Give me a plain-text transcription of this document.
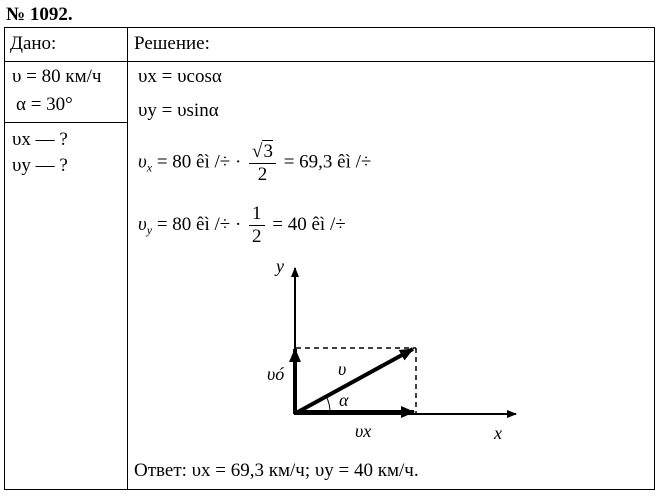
№ 1092.
Дано:	Решение:
υ = 80 км/ч
α = 30°
υx — ?
υy — ?
υx = υcosα
υy = υsinα
$\upsilon_x = 80$ êì /÷ · $\frac{√3}{2} = 69,3$ êì /÷
$\upsilon_y = 80$ êì /÷ · $\frac{1}{2} = 40$ êì /÷
y
x
υ
α
υx
υó
Ответ: υx = 69,3 км/ч; υy = 40 км/ч.
